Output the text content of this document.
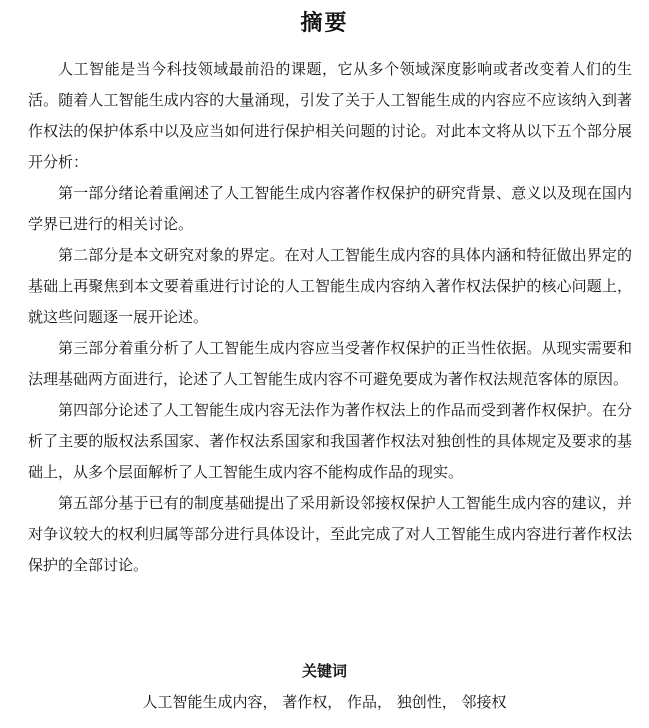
摘要

人工智能是当今科技领域最前沿的课题，它从多个领域深度影响或者改变着人们的生活。随着人工智能生成内容的大量涌现，引发了关于人工智能生成的内容应不应该纳入到著作权法的保护体系中以及应当如何进行保护相关问题的讨论。对此本文将从以下五个部分展开分析：

第一部分绪论着重阐述了人工智能生成内容著作权保护的研究背景、意义以及现在国内学界已进行的相关讨论。

第二部分是本文研究对象的界定。在对人工智能生成内容的具体内涵和特征做出界定的基础上再聚焦到本文要着重进行讨论的人工智能生成内容纳入著作权法保护的核心问题上，就这些问题逐一展开论述。

第三部分着重分析了人工智能生成内容应当受著作权保护的正当性依据。从现实需要和法理基础两方面进行，论述了人工智能生成内容不可避免要成为著作权法规范客体的原因。

第四部分论述了人工智能生成内容无法作为著作权法上的作品而受到著作权保护。在分析了主要的版权法系国家、著作权法系国家和我国著作权法对独创性的具体规定及要求的基础上，从多个层面解析了人工智能生成内容不能构成作品的现实。

第五部分基于已有的制度基础提出了采用新设邻接权保护人工智能生成内容的建议，并对争议较大的权利归属等部分进行具体设计，至此完成了对人工智能生成内容进行著作权法保护的全部讨论。

关键词
人工智能生成内容， 著作权， 作品， 独创性， 邻接权
